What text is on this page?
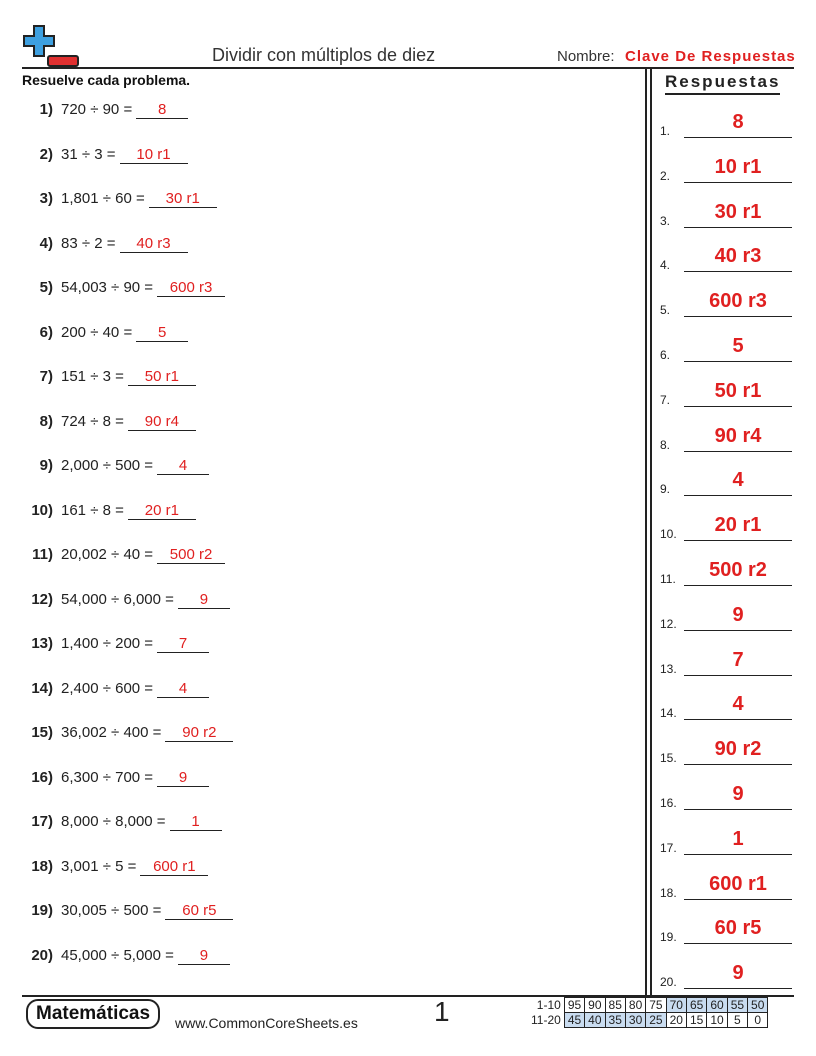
Dividir con múltiplos de diez	Nombre: Clave De Respuestas
Resuelve cada problema.
1) 720 ÷ 90 = 8
2) 31 ÷ 3 = 10 r1
3) 1,801 ÷ 60 = 30 r1
4) 83 ÷ 2 = 40 r3
5) 54,003 ÷ 90 = 600 r3
6) 200 ÷ 40 = 5
7) 151 ÷ 3 = 50 r1
8) 724 ÷ 8 = 90 r4
9) 2,000 ÷ 500 = 4
10) 161 ÷ 8 = 20 r1
11) 20,002 ÷ 40 = 500 r2
12) 54,000 ÷ 6,000 = 9
13) 1,400 ÷ 200 = 7
14) 2,400 ÷ 600 = 4
15) 36,002 ÷ 400 = 90 r2
16) 6,300 ÷ 700 = 9
17) 8,000 ÷ 8,000 = 1
18) 3,001 ÷ 5 = 600 r1
19) 30,005 ÷ 500 = 60 r5
20) 45,000 ÷ 5,000 = 9
Respuestas
1.	8
2.	10 r1
3.	30 r1
4.	40 r3
5.	600 r3
6.	5
7.	50 r1
8.	90 r4
9.	4
10.	20 r1
11.	500 r2
12.	9
13.	7
14.	4
15.	90 r2
16.	9
17.	1
18.	600 r1
19.	60 r5
20.	9
Matemáticas	www.CommonCoreSheets.es	1	1-10	95	90	85	80	75	70	65	60	55	50
11-20	45	40	35	30	25	20	15	10	5	0
